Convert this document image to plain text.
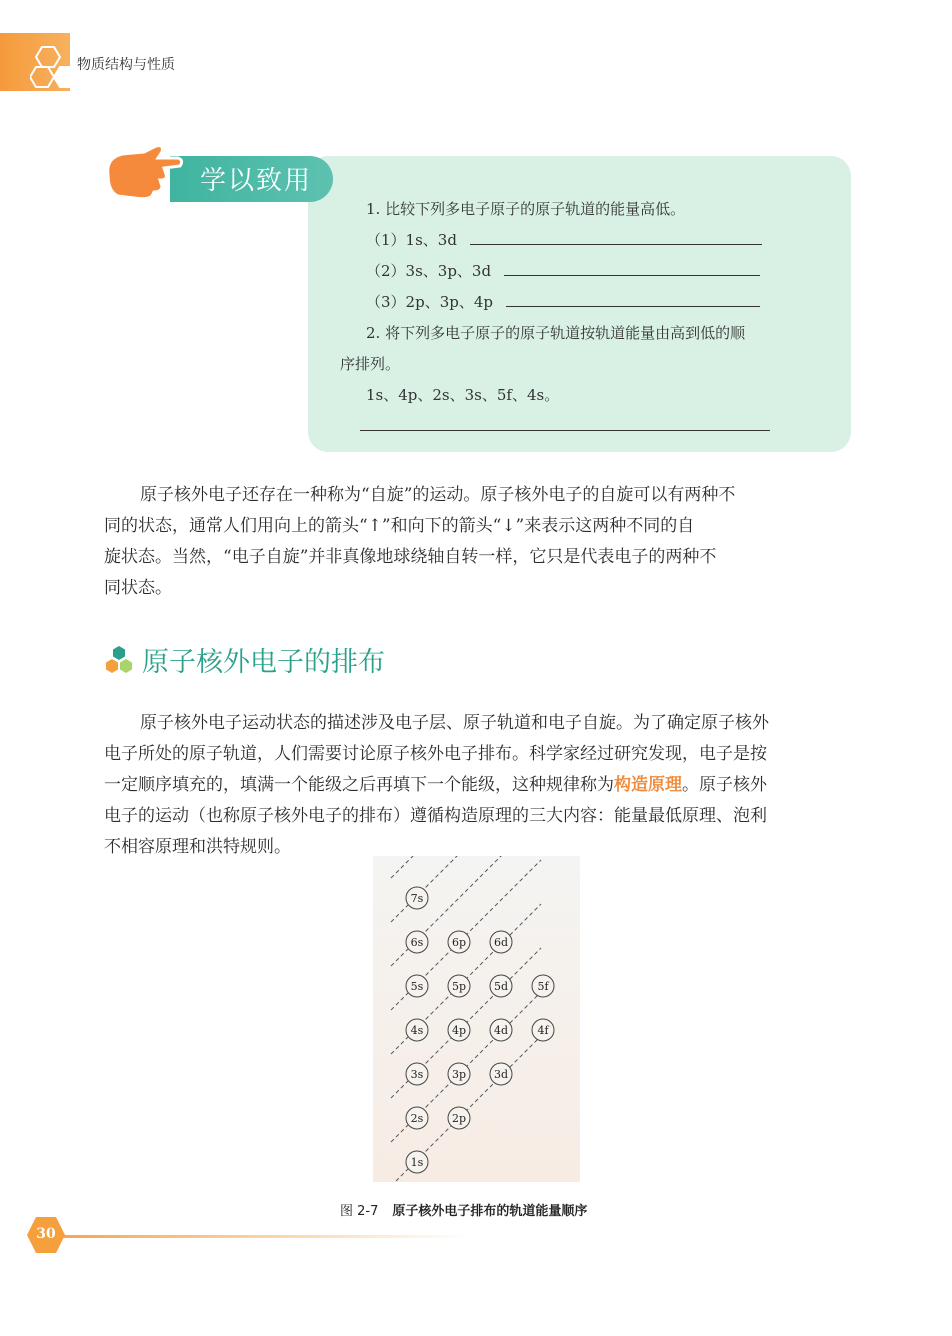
物质结构与性质
学以致用
1. 比较下列多电子原子的原子轨道的能量高低。
（1）1s、3d
（2）3s、3p、3d
（3）2p、3p、4p
2. 将下列多电子原子的原子轨道按轨道能量由高到低的顺
序排列。
1s、4p、2s、3s、5f、4s。
原子核外电子还存在一种称为“自旋”的运动。原子核外电子的自旋可以有两种不
同的状态，通常人们用向上的箭头“↑”和向下的箭头“↓”来表示这两种不同的自
旋状态。当然，“电子自旋”并非真像地球绕轴自转一样，它只是代表电子的两种不
同状态。
原子核外电子的排布
原子核外电子运动状态的描述涉及电子层、原子轨道和电子自旋。为了确定原子核外
电子所处的原子轨道，人们需要讨论原子核外电子排布。科学家经过研究发现，电子是按
一定顺序填充的，填满一个能级之后再填下一个能级，这种规律称为构造原理。原子核外
电子的运动（也称原子核外电子的排布）遵循构造原理的三大内容：能量最低原理、泡利
不相容原理和洪特规则。
7s
6s	6p	6d
5s	5p	5d	5f
4s	4p	4d	4f
3s	3p	3d
2s	2p
1s
图 2-7 原子核外电子排布的轨道能量顺序
30
